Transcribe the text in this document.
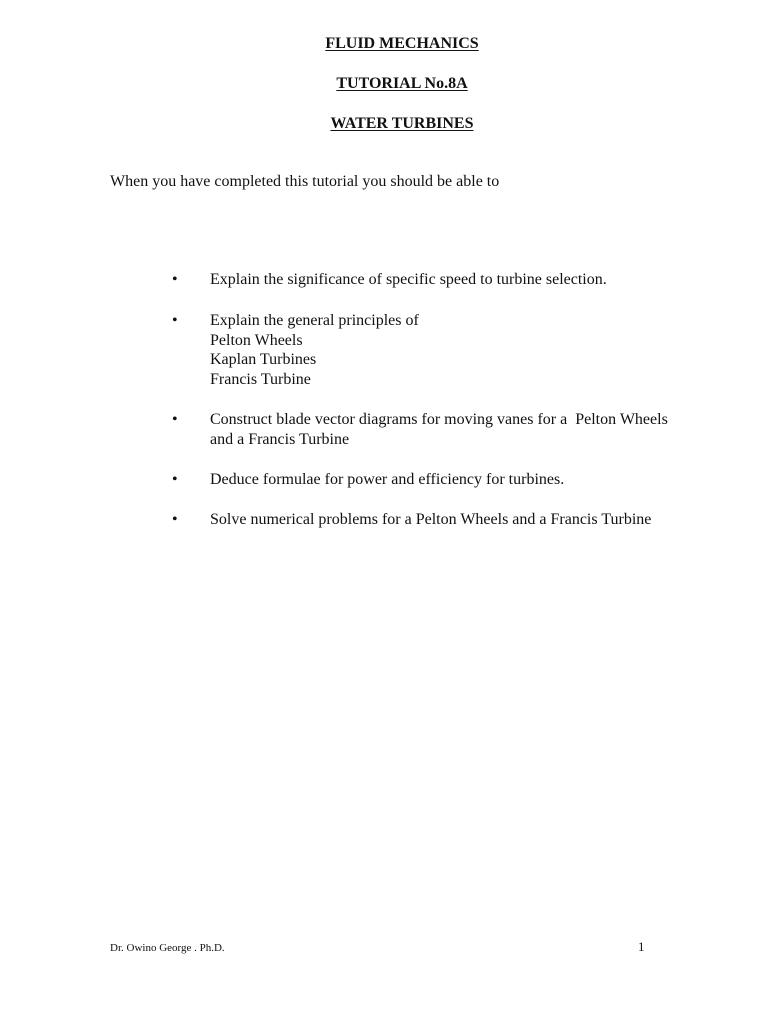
FLUID MECHANICS
TUTORIAL No.8A
WATER TURBINES
When you have completed this tutorial you should be able to
• Explain the significance of specific speed to turbine selection.
• Explain the general principles of
Pelton Wheels
Kaplan Turbines
Francis Turbine
• Construct blade vector diagrams for moving vanes for a  Pelton Wheels and a Francis Turbine
• Deduce formulae for power and efficiency for turbines.
• Solve numerical problems for a Pelton Wheels and a Francis Turbine
Dr. Owino George . Ph.D.	1
